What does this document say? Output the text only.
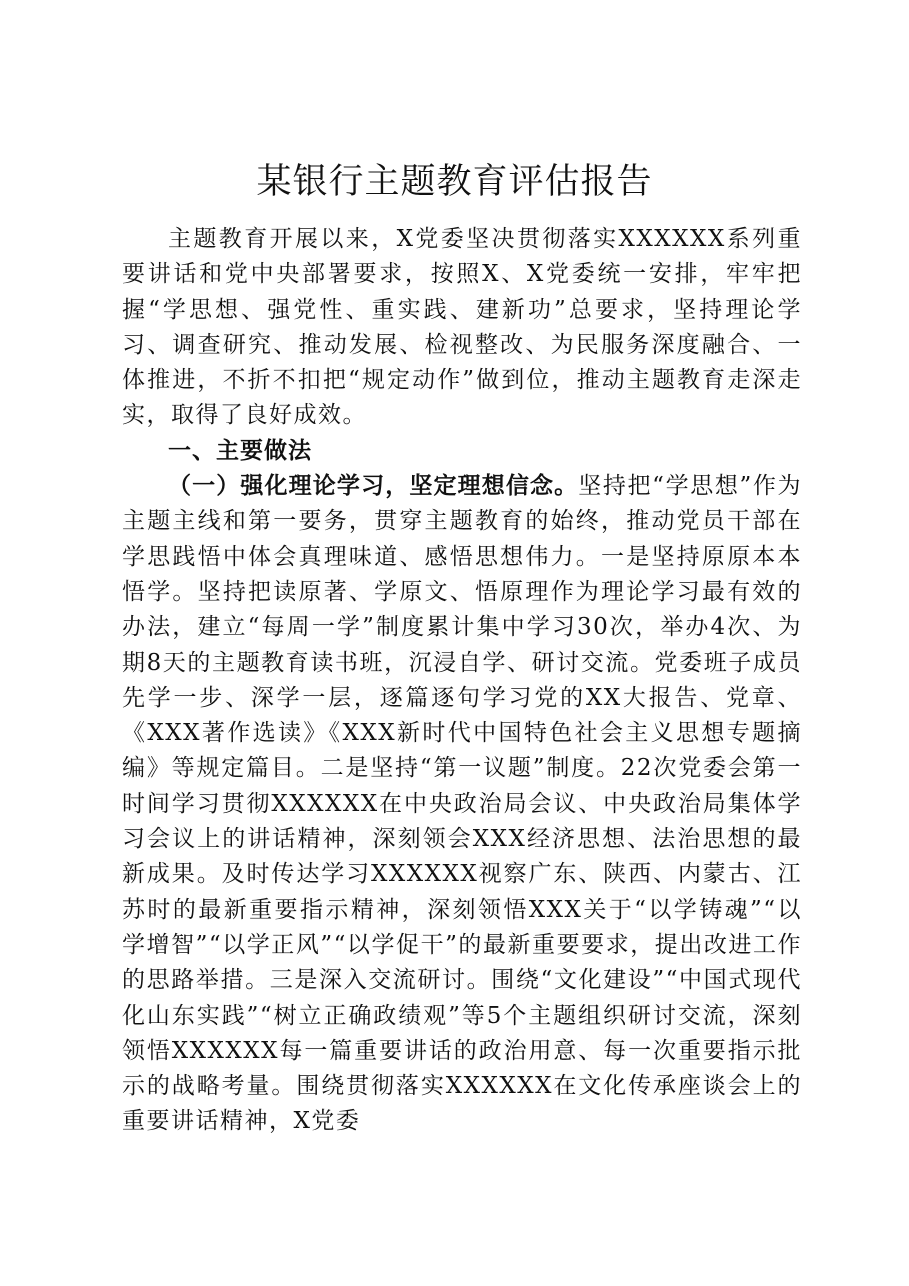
某银行主题教育评估报告

主题教育开展以来，X党委坚决贯彻落实XXXXXX系列重要讲话和党中央部署要求，按照X、X党委统一安排，牢牢把握“学思想、强党性、重实践、建新功”总要求，坚持理论学习、调查研究、推动发展、检视整改、为民服务深度融合、一体推进，不折不扣把“规定动作”做到位，推动主题教育走深走实，取得了良好成效。

一、主要做法

（一）强化理论学习，坚定理想信念。坚持把“学思想”作为主题主线和第一要务，贯穿主题教育的始终，推动党员干部在学思践悟中体会真理味道、感悟思想伟力。一是坚持原原本本悟学。坚持把读原著、学原文、悟原理作为理论学习最有效的办法，建立“每周一学”制度累计集中学习30次，举办4次、为期8天的主题教育读书班，沉浸自学、研讨交流。党委班子成员先学一步、深学一层，逐篇逐句学习党的XX大报告、党章、《XXX著作选读》《XXX新时代中国特色社会主义思想专题摘编》等规定篇目。二是坚持“第一议题”制度。22次党委会第一时间学习贯彻XXXXXX在中央政治局会议、中央政治局集体学习会议上的讲话精神，深刻领会XXX经济思想、法治思想的最新成果。及时传达学习XXXXXX视察广东、陕西、内蒙古、江苏时的最新重要指示精神，深刻领悟XXX关于“以学铸魂”“以学增智”“以学正风”“以学促干”的最新重要要求，提出改进工作的思路举措。三是深入交流研讨。围绕“文化建设”“中国式现代化山东实践”“树立正确政绩观”等5个主题组织研讨交流，深刻领悟XXXXXX每一篇重要讲话的政治用意、每一次重要指示批示的战略考量。围绕贯彻落实XXXXXX在文化传承座谈会上的重要讲话精神，X党委
